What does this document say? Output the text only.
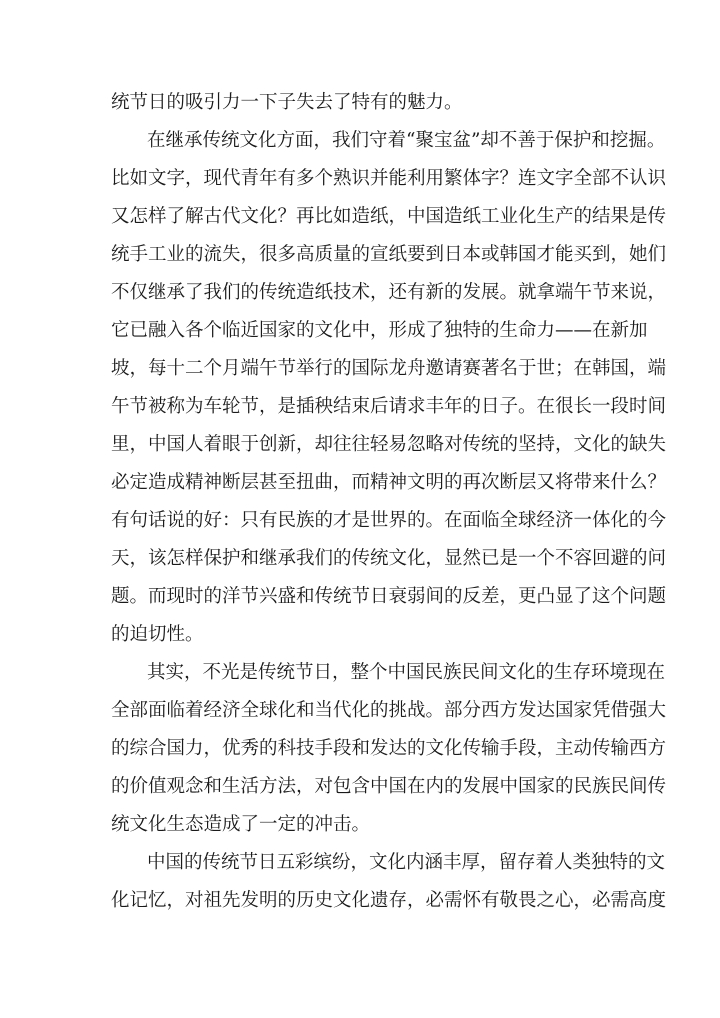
统节日的吸引力一下子失去了特有的魅力。
在继承传统文化方面，我们守着“聚宝盆”却不善于保护和挖掘。
比如文字，现代青年有多个熟识并能利用繁体字？连文字全部不认识
又怎样了解古代文化？再比如造纸，中国造纸工业化生产的结果是传
统手工业的流失，很多高质量的宣纸要到日本或韩国才能买到，她们
不仅继承了我们的传统造纸技术，还有新的发展。就拿端午节来说，
它已融入各个临近国家的文化中，形成了独特的生命力——在新加
坡，每十二个月端午节举行的国际龙舟邀请赛著名于世；在韩国，端
午节被称为车轮节，是插秧结束后请求丰年的日子。在很长一段时间
里，中国人着眼于创新，却往往轻易忽略对传统的坚持，文化的缺失
必定造成精神断层甚至扭曲，而精神文明的再次断层又将带来什么？
有句话说的好：只有民族的才是世界的。在面临全球经济一体化的今
天，该怎样保护和继承我们的传统文化，显然已是一个不容回避的问
题。而现时的洋节兴盛和传统节日衰弱间的反差，更凸显了这个问题
的迫切性。
其实，不光是传统节日，整个中国民族民间文化的生存环境现在
全部面临着经济全球化和当代化的挑战。部分西方发达国家凭借强大
的综合国力，优秀的科技手段和发达的文化传输手段，主动传输西方
的价值观念和生活方法，对包含中国在内的发展中国家的民族民间传
统文化生态造成了一定的冲击。
中国的传统节日五彩缤纷，文化内涵丰厚，留存着人类独特的文
化记忆，对祖先发明的历史文化遗存，必需怀有敬畏之心，必需高度
